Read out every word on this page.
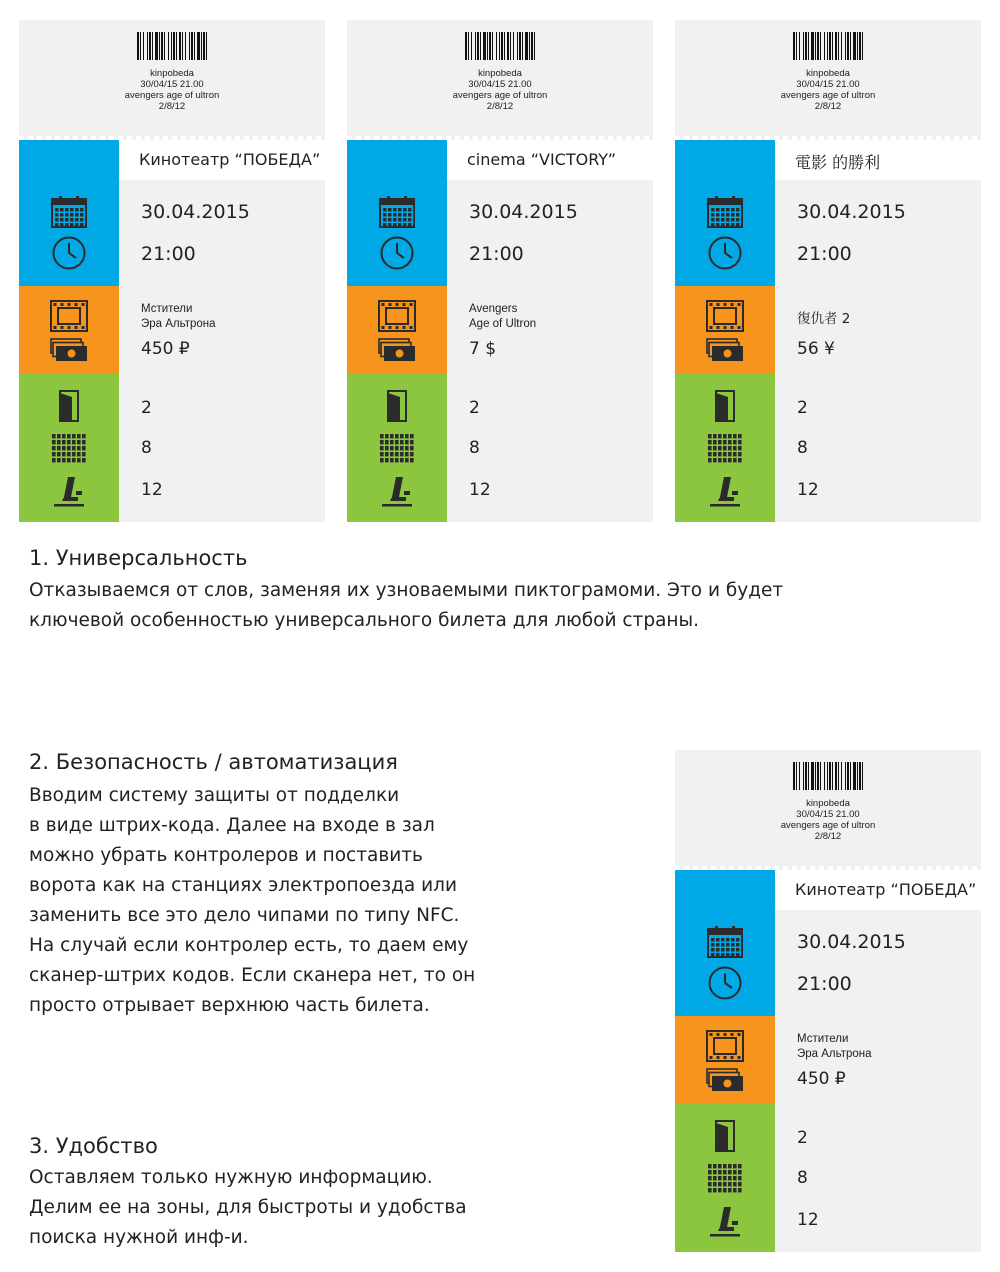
kinpobeda
30/04/15 21.00
avengers age of ultron
2/8/12
Кинотеатр “ПОБЕДА”
30.04.2015
21:00
Мстители
Эра Альтрона
450 ₽
2
8
12
kinpobeda
30/04/15 21.00
avengers age of ultron
2/8/12
cinema “VICTORY”
30.04.2015
21:00
Avengers
Age of Ultron
7 $
2
8
12
kinpobeda
30/04/15 21.00
avengers age of ultron
2/8/12
電影 的勝利
30.04.2015
21:00
復仇者 2
56 ¥
2
8
12
kinpobeda
30/04/15 21.00
avengers age of ultron
2/8/12
Кинотеатр “ПОБЕДА”
30.04.2015
21:00
Мстители
Эра Альтрона
450 ₽
2
8
12
1. Универсальность
Отказываемся от слов, заменяя их узноваемыми пиктограмоми. Это и будет
ключевой особенностью универсального билета для любой страны.
2. Безопасность / автоматизация
Вводим систему защиты от подделки
в виде штрих-кода. Далее на входе в зал
можно убрать контролеров и поставить
ворота как на станциях электропоезда или
заменить все это дело чипами по типу NFC.
На случай если контролер есть, то даем ему
сканер-штрих кодов. Если сканера нет, то он
просто отрывает верхнюю часть билета.
3. Удобство
Оставляем только нужную информацию.
Делим ее на зоны, для быстроты и удобства
поиска нужной инф-и.
